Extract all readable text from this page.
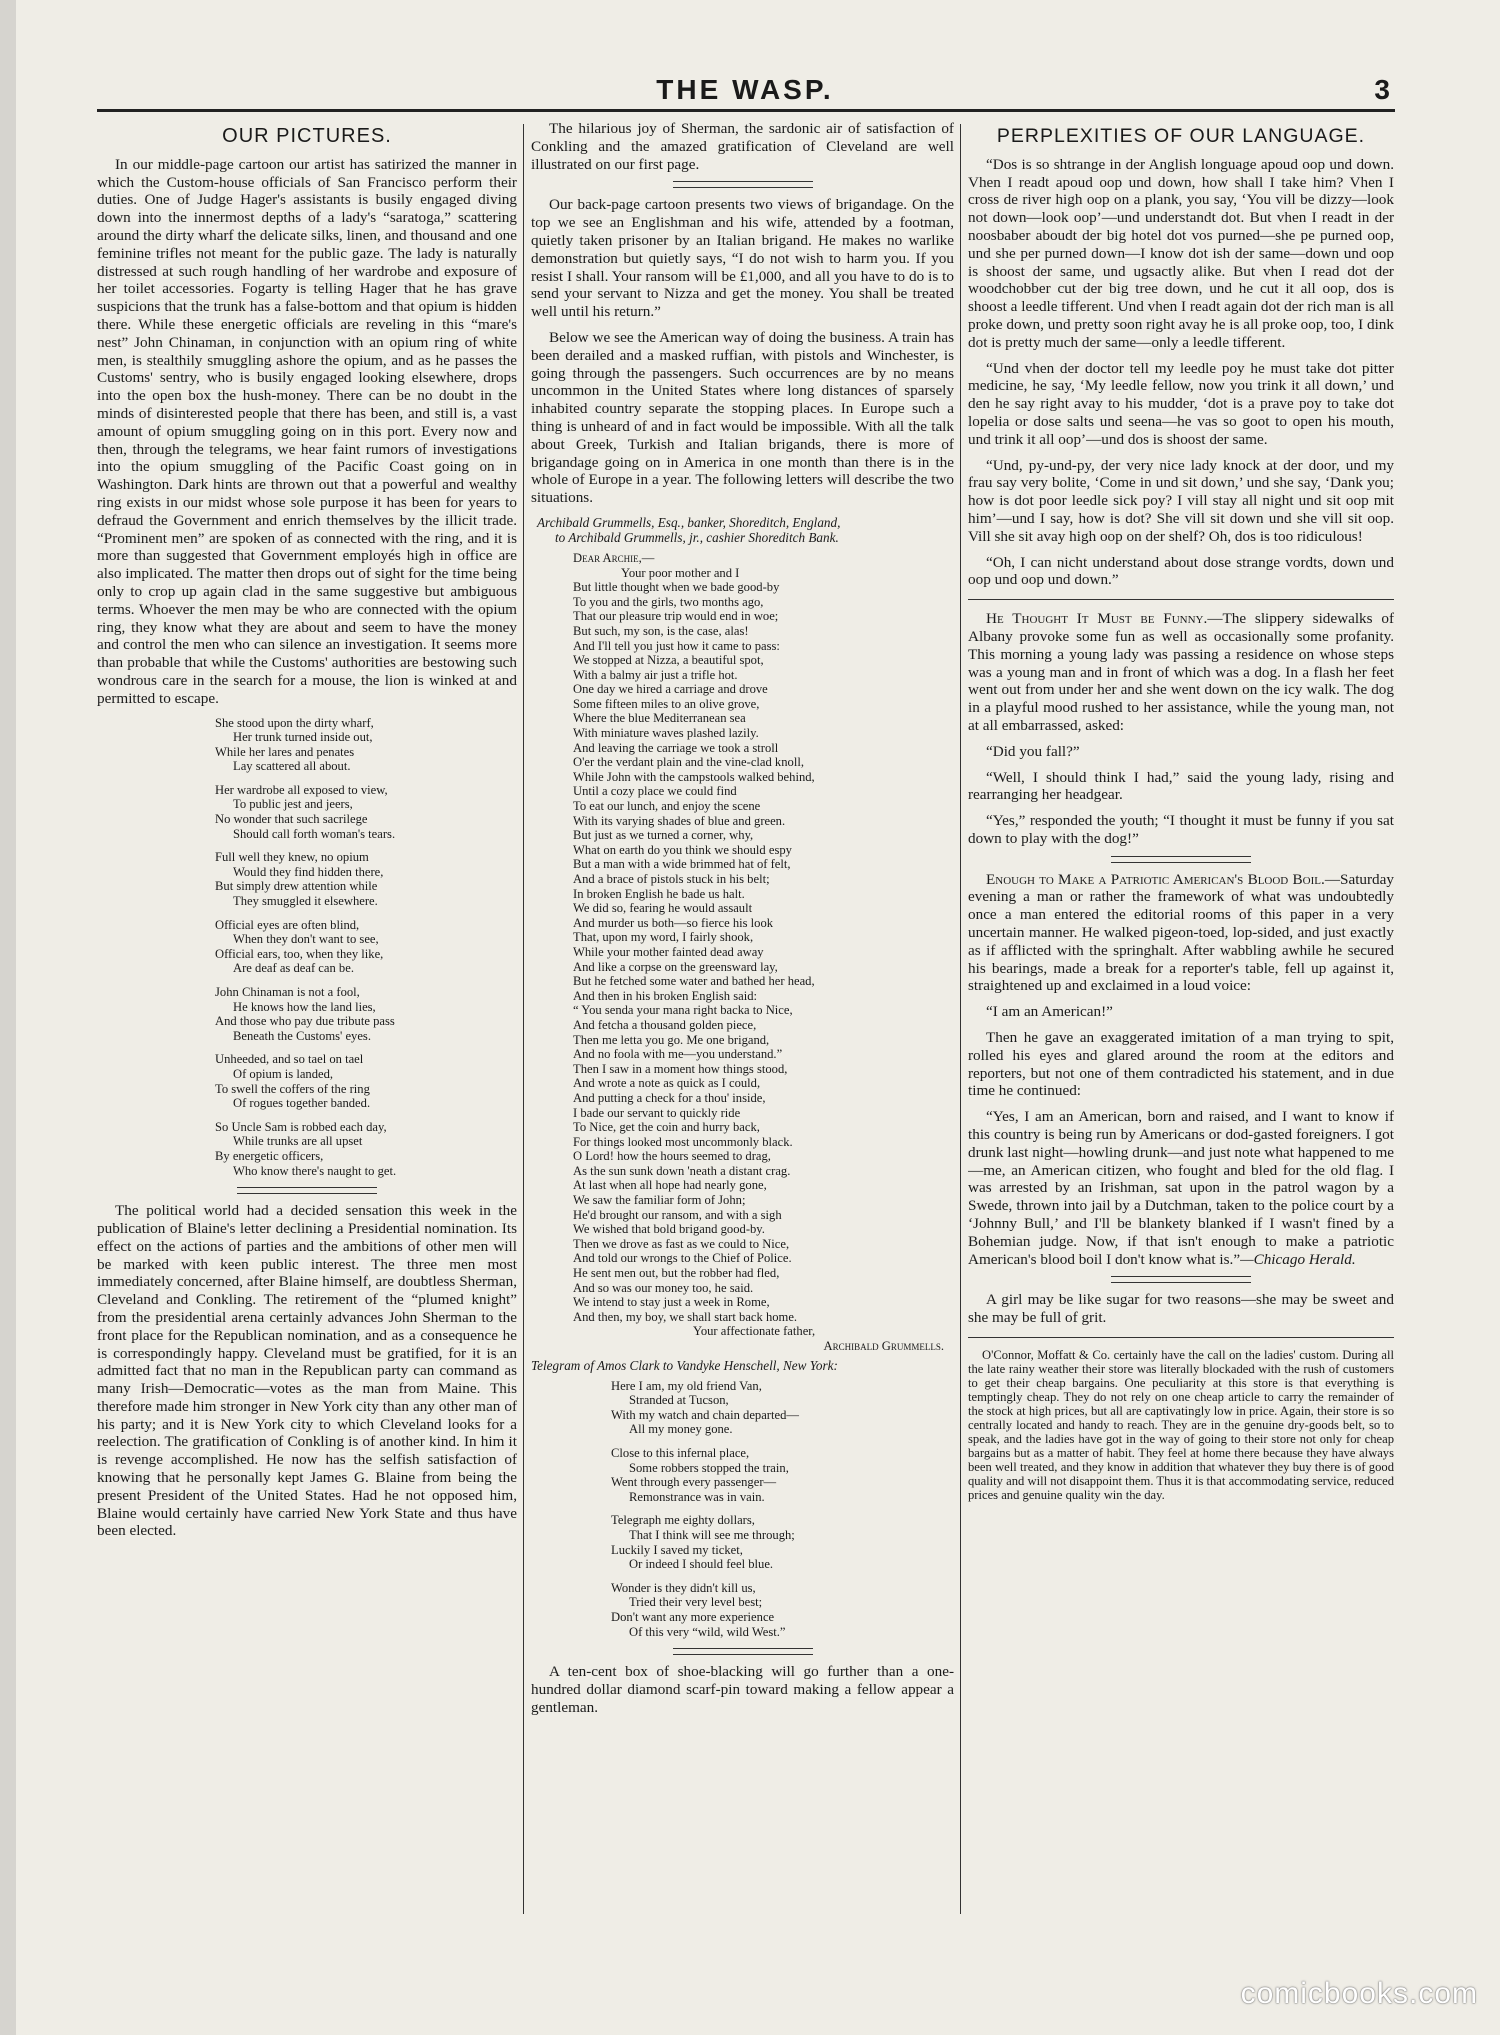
THE WASP.	3
OUR PICTURES.

In our middle-page cartoon our artist has satirized the manner in which the Custom-house officials of San Francisco perform their duties. One of Judge Hager's assistants is busily engaged diving down into the innermost depths of a lady's “saratoga,” scattering around the dirty wharf the delicate silks, linen, and thousand and one feminine trifles not meant for the public gaze. The lady is naturally distressed at such rough handling of her wardrobe and exposure of her toilet accessories. Fogarty is telling Hager that he has grave suspicions that the trunk has a false-bottom and that opium is hidden there. While these energetic officials are reveling in this “mare's nest” John Chinaman, in conjunction with an opium ring of white men, is stealthily smuggling ashore the opium, and as he passes the Customs' sentry, who is busily engaged looking elsewhere, drops into the open box the hush-money. There can be no doubt in the minds of disinterested people that there has been, and still is, a vast amount of opium smuggling going on in this port. Every now and then, through the telegrams, we hear faint rumors of investigations into the opium smuggling of the Pacific Coast going on in Washington. Dark hints are thrown out that a powerful and wealthy ring exists in our midst whose sole purpose it has been for years to defraud the Government and enrich themselves by the illicit trade. “Prominent men” are spoken of as connected with the ring, and it is more than suggested that Government employés high in office are also implicated. The matter then drops out of sight for the time being only to crop up again clad in the same suggestive but ambiguous terms. Whoever the men may be who are connected with the opium ring, they know what they are about and seem to have the money and control the men who can silence an investigation. It seems more than probable that while the Customs' authorities are bestowing such wondrous care in the search for a mouse, the lion is winked at and permitted to escape.

She stood upon the dirty wharf,
Her trunk turned inside out,
While her lares and penates
Lay scattered all about.
Her wardrobe all exposed to view,
To public jest and jeers,
No wonder that such sacrilege
Should call forth woman's tears.
Full well they knew, no opium
Would they find hidden there,
But simply drew attention while
They smuggled it elsewhere.
Official eyes are often blind,
When they don't want to see,
Official ears, too, when they like,
Are deaf as deaf can be.
John Chinaman is not a fool,
He knows how the land lies,
And those who pay due tribute pass
Beneath the Customs' eyes.
Unheeded, and so tael on tael
Of opium is landed,
To swell the coffers of the ring
Of rogues together banded.
So Uncle Sam is robbed each day,
While trunks are all upset
By energetic officers,
Who know there's naught to get.

The political world had a decided sensation this week in the publication of Blaine's letter declining a Presidential nomination. Its effect on the actions of parties and the ambitions of other men will be marked with keen public interest. The three men most immediately concerned, after Blaine himself, are doubtless Sherman, Cleveland and Conkling. The retirement of the “plumed knight” from the presidential arena certainly advances John Sherman to the front place for the Republican nomination, and as a consequence he is correspondingly happy. Cleveland must be gratified, for it is an admitted fact that no man in the Republican party can command as many Irish—Democratic—votes as the man from Maine. This therefore made him stronger in New York city than any other man of his party; and it is New York city to which Cleveland looks for a reelection. The gratification of Conkling is of another kind. In him it is revenge accomplished. He now has the selfish satisfaction of knowing that he personally kept James G. Blaine from being the present President of the United States. Had he not opposed him, Blaine would certainly have carried New York State and thus have been elected.

The hilarious joy of Sherman, the sardonic air of satisfaction of Conkling and the amazed gratification of Cleveland are well illustrated on our first page.

Our back-page cartoon presents two views of brigandage. On the top we see an Englishman and his wife, attended by a footman, quietly taken prisoner by an Italian brigand. He makes no warlike demonstration but quietly says, “I do not wish to harm you. If you resist I shall. Your ransom will be £1,000, and all you have to do is to send your servant to Nizza and get the money. You shall be treated well until his return.”

Below we see the American way of doing the business. A train has been derailed and a masked ruffian, with pistols and Winchester, is going through the passengers. Such occurrences are by no means uncommon in the United States where long distances of sparsely inhabited country separate the stopping places. In Europe such a thing is unheard of and in fact would be impossible. With all the talk about Greek, Turkish and Italian brigands, there is more of brigandage going on in America in one month than there is in the whole of Europe in a year. The following letters will describe the two situations.

Archibald Grummells, Esq., banker, Shoreditch, England,
to Archibald Grummells, jr., cashier Shoreditch Bank.
Dear Archie,—
Your poor mother and I
But little thought when we bade good-by
To you and the girls, two months ago,
That our pleasure trip would end in woe;
But such, my son, is the case, alas!
And I'll tell you just how it came to pass:
We stopped at Nizza, a beautiful spot,
With a balmy air just a trifle hot.
One day we hired a carriage and drove
Some fifteen miles to an olive grove,
Where the blue Mediterranean sea
With miniature waves plashed lazily.
And leaving the carriage we took a stroll
O'er the verdant plain and the vine-clad knoll,
While John with the campstools walked behind,
Until a cozy place we could find
To eat our lunch, and enjoy the scene
With its varying shades of blue and green.
But just as we turned a corner, why,
What on earth do you think we should espy
But a man with a wide brimmed hat of felt,
And a brace of pistols stuck in his belt;
In broken English he bade us halt.
We did so, fearing he would assault
And murder us both—so fierce his look
That, upon my word, I fairly shook,
While your mother fainted dead away
And like a corpse on the greensward lay,
But he fetched some water and bathed her head,
And then in his broken English said:
“ You senda your mana right backa to Nice,
And fetcha a thousand golden piece,
Then me letta you go. Me one brigand,
And no foola with me—you understand.”
Then I saw in a moment how things stood,
And wrote a note as quick as I could,
And putting a check for a thou' inside,
I bade our servant to quickly ride
To Nice, get the coin and hurry back,
For things looked most uncommonly black.
O Lord! how the hours seemed to drag,
As the sun sunk down 'neath a distant crag.
At last when all hope had nearly gone,
We saw the familiar form of John;
He'd brought our ransom, and with a sigh
We wished that bold brigand good-by.
Then we drove as fast as we could to Nice,
And told our wrongs to the Chief of Police.
He sent men out, but the robber had fled,
And so was our money too, he said.
We intend to stay just a week in Rome,
And then, my boy, we shall start back home.
Your affectionate father,
Archibald Grummells.
Telegram of Amos Clark to Vandyke Henschell, New York:
Here I am, my old friend Van,
Stranded at Tucson,
With my watch and chain departed—
All my money gone.
Close to this infernal place,
Some robbers stopped the train,
Went through every passenger—
Remonstrance was in vain.
Telegraph me eighty dollars,
That I think will see me through;
Luckily I saved my ticket,
Or indeed I should feel blue.
Wonder is they didn't kill us,
Tried their very level best;
Don't want any more experience
Of this very “wild, wild West.”

A ten-cent box of shoe-blacking will go further than a one-hundred dollar diamond scarf-pin toward making a fellow appear a gentleman.

PERPLEXITIES OF OUR LANGUAGE.

“Dos is so shtrange in der Anglish longuage apoud oop und down. Vhen I readt apoud oop und down, how shall I take him? Vhen I cross de river high oop on a plank, you say, ‘You vill be dizzy—look not down—look oop’—und understandt dot. But vhen I readt in der noosbaber aboudt der big hotel dot vos purned—she pe purned oop, und she per purned down—I know dot ish der same—down und oop is shoost der same, und ugsactly alike. But vhen I read dot der woodchobber cut der big tree down, und he cut it all oop, dos is shoost a leedle tifferent. Und vhen I readt again dot der rich man is all proke down, und pretty soon right avay he is all proke oop, too, I dink dot is pretty much der same—only a leedle tifferent.

“Und vhen der doctor tell my leedle poy he must take dot pitter medicine, he say, ‘My leedle fellow, now you trink it all down,’ und den he say right avay to his mudder, ‘dot is a prave poy to take dot lopelia or dose salts und seena—he vas so goot to open his mouth, und trink it all oop’—und dos is shoost der same.

“Und, py-und-py, der very nice lady knock at der door, und my frau say very bolite, ‘Come in und sit down,’ und she say, ‘Dank you; how is dot poor leedle sick poy? I vill stay all night und sit oop mit him’—und I say, how is dot? She vill sit down und she vill sit oop. Vill she sit avay high oop on der shelf? Oh, dos is too ridiculous!

“Oh, I can nicht understand about dose strange vordts, down und oop und oop und down.”

He Thought It Must be Funny.—The slippery sidewalks of Albany provoke some fun as well as occasionally some profanity. This morning a young lady was passing a residence on whose steps was a young man and in front of which was a dog. In a flash her feet went out from under her and she went down on the icy walk. The dog in a playful mood rushed to her assistance, while the young man, not at all embarrassed, asked:

“Did you fall?”

“Well, I should think I had,” said the young lady, rising and rearranging her headgear.

“Yes,” responded the youth; “I thought it must be funny if you sat down to play with the dog!”

Enough to Make a Patriotic American's Blood Boil.—Saturday evening a man or rather the framework of what was undoubtedly once a man entered the editorial rooms of this paper in a very uncertain manner. He walked pigeon-toed, lop-sided, and just exactly as if afflicted with the springhalt. After wabbling awhile he secured his bearings, made a break for a reporter's table, fell up against it, straightened up and exclaimed in a loud voice:

“I am an American!”

Then he gave an exaggerated imitation of a man trying to spit, rolled his eyes and glared around the room at the editors and reporters, but not one of them contradicted his statement, and in due time he continued:

“Yes, I am an American, born and raised, and I want to know if this country is being run by Americans or dod-gasted foreigners. I got drunk last night—howling drunk—and just note what happened to me—me, an American citizen, who fought and bled for the old flag. I was arrested by an Irishman, sat upon in the patrol wagon by a Swede, thrown into jail by a Dutchman, taken to the police court by a ‘Johnny Bull,’ and I'll be blankety blanked if I wasn't fined by a Bohemian judge. Now, if that isn't enough to make a patriotic American's blood boil I don't know what is.”—Chicago Herald.

A girl may be like sugar for two reasons—she may be sweet and she may be full of grit.

O'Connor, Moffatt & Co. certainly have the call on the ladies' custom. During all the late rainy weather their store was literally blockaded with the rush of customers to get their cheap bargains. One peculiarity at this store is that everything is temptingly cheap. They do not rely on one cheap article to carry the remainder of the stock at high prices, but all are captivatingly low in price. Again, their store is so centrally located and handy to reach. They are in the genuine dry-goods belt, so to speak, and the ladies have got in the way of going to their store not only for cheap bargains but as a matter of habit. They feel at home there because they have always been well treated, and they know in addition that whatever they buy there is of good quality and will not disappoint them. Thus it is that accommodating service, reduced prices and genuine quality win the day.

comicbooks.com
